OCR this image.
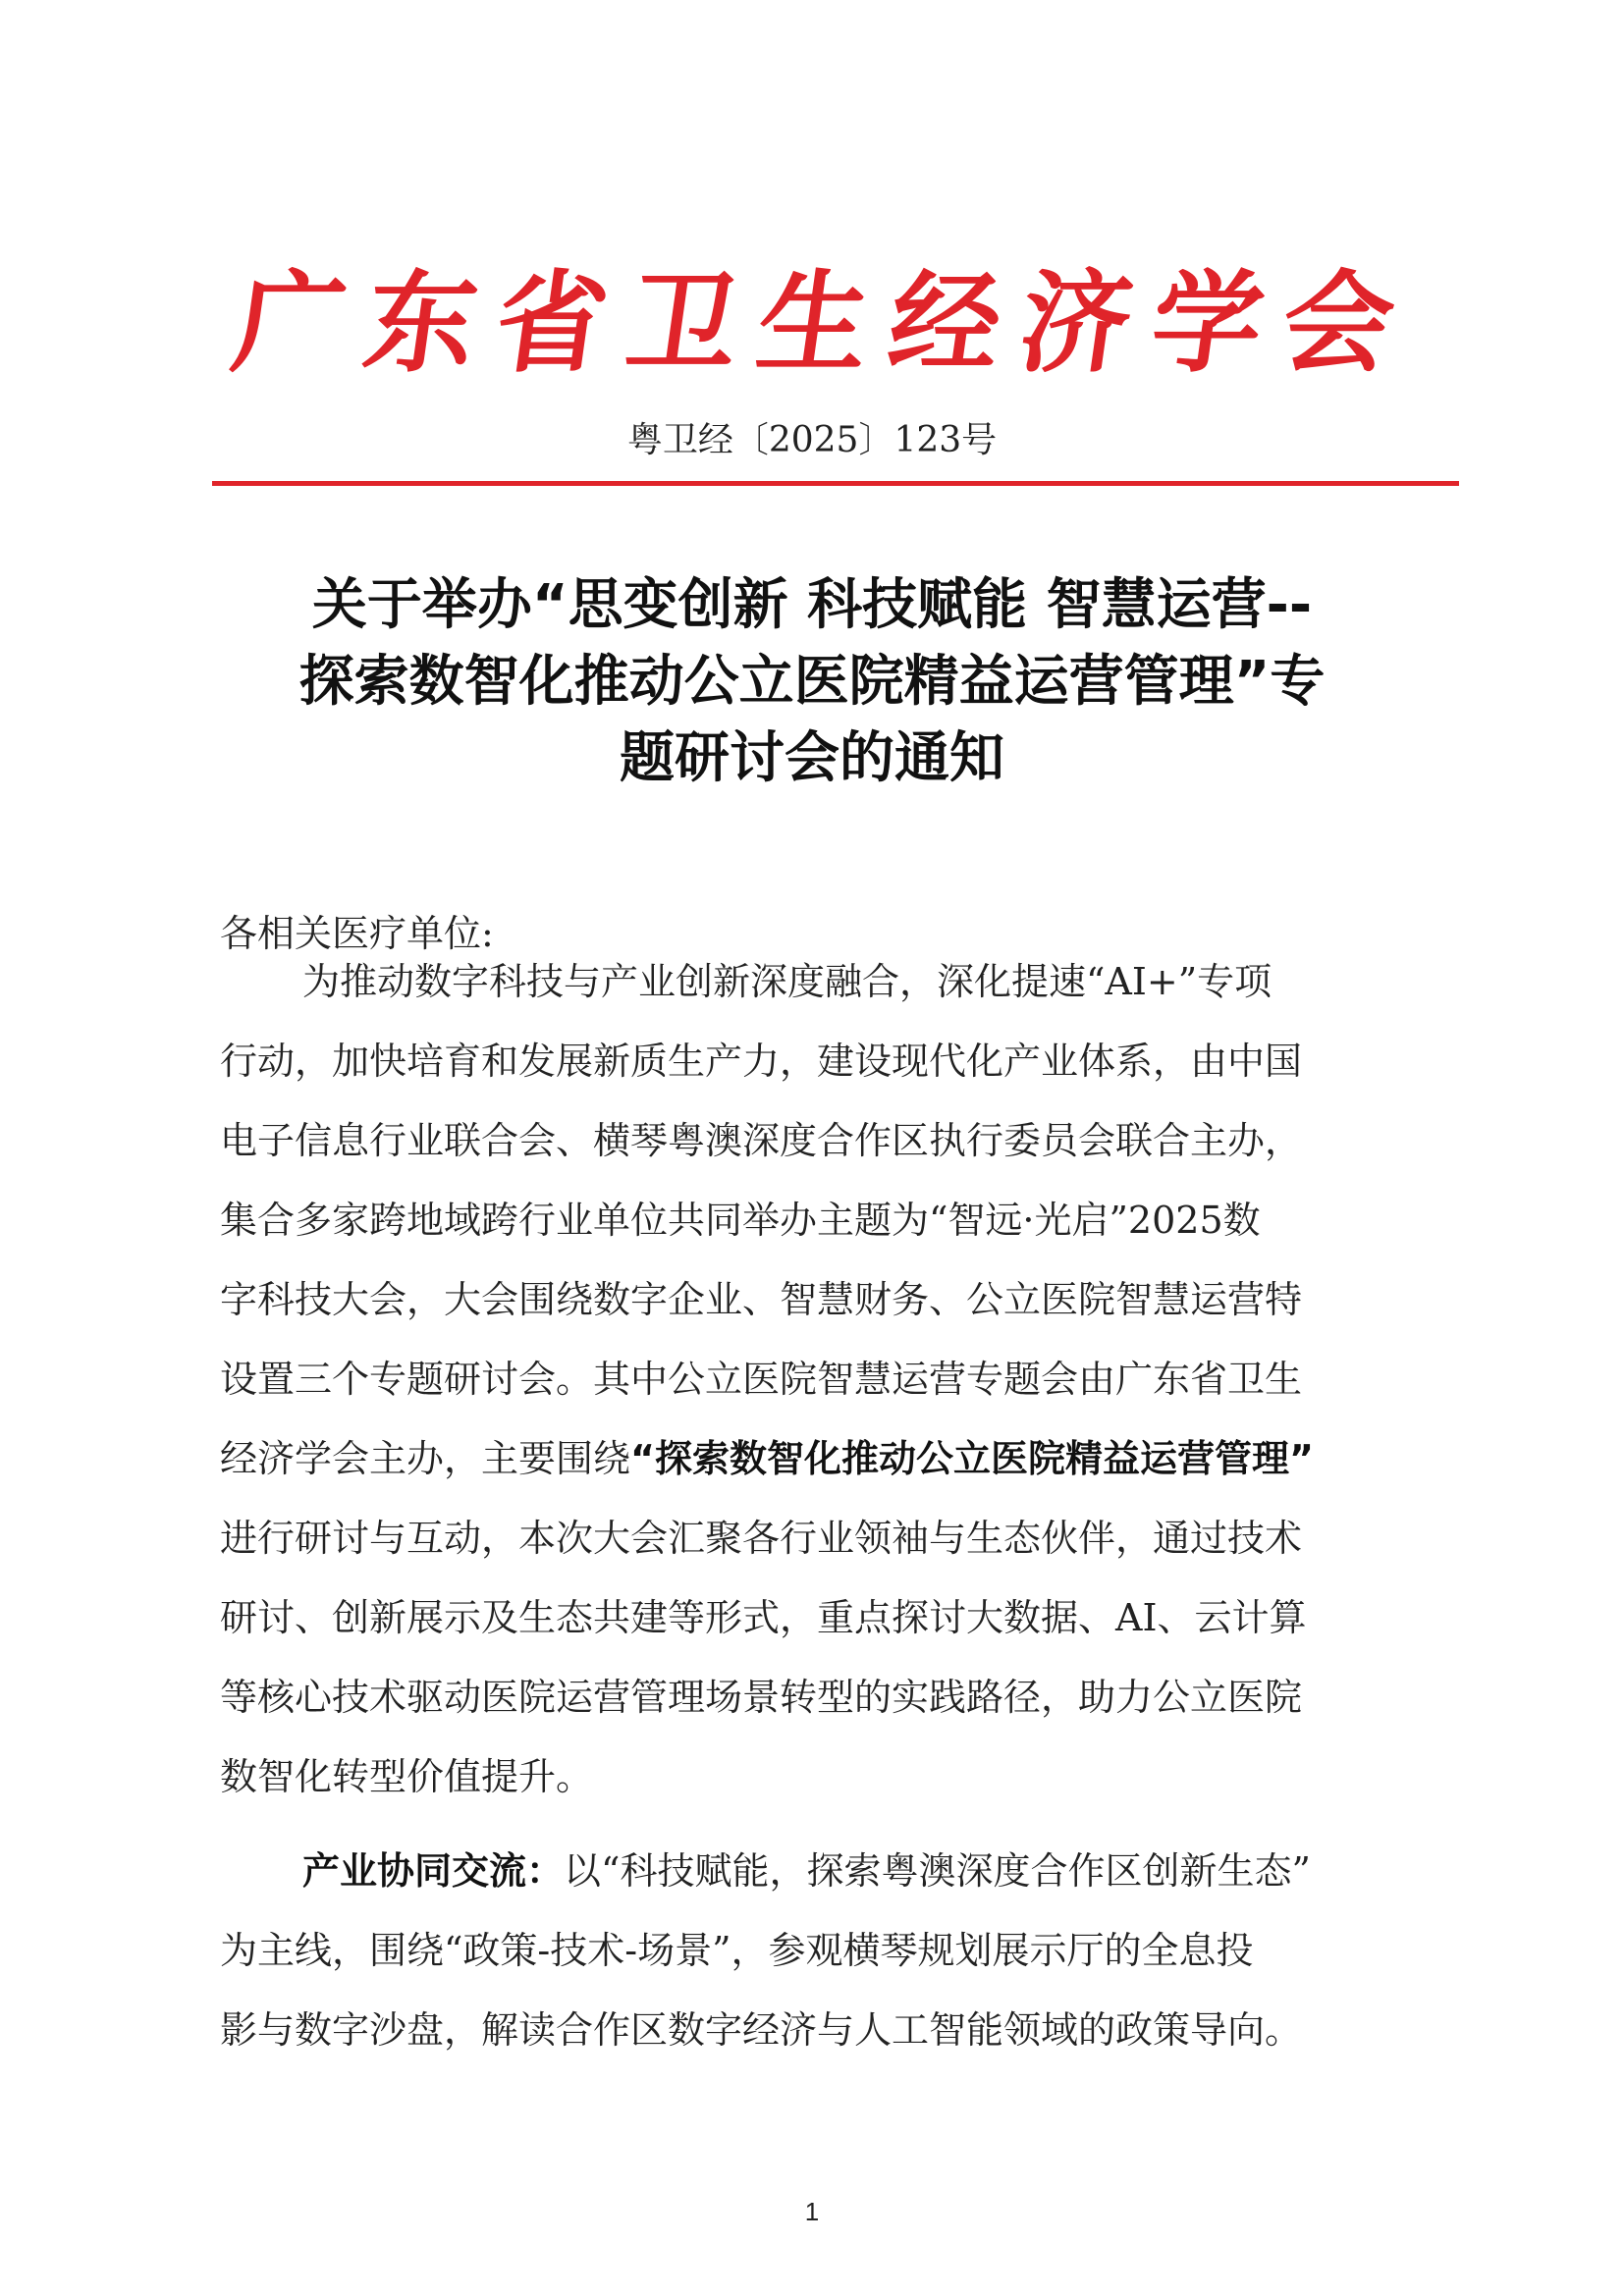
广 东 省 卫 生 经 济 学 会
粤卫经〔2025〕123号
关于举办“思变创新 科技赋能 智慧运营--
探索数智化推动公立医院精益运营管理”专
题研讨会的通知
各相关医疗单位:
为推动数字科技与产业创新深度融合，深化提速“AI+”专项
行动，加快培育和发展新质生产力，建设现代化产业体系，由中国
电子信息行业联合会、横琴粤澳深度合作区执行委员会联合主办，
集合多家跨地域跨行业单位共同举办主题为“智远·光启”2025数
字科技大会，大会围绕数字企业、智慧财务、公立医院智慧运营特
设置三个专题研讨会。其中公立医院智慧运营专题会由广东省卫生
经济学会主办，主要围绕“探索数智化推动公立医院精益运营管理”
进行研讨与互动，本次大会汇聚各行业领袖与生态伙伴，通过技术
研讨、创新展示及生态共建等形式，重点探讨大数据、AI、云计算
等核心技术驱动医院运营管理场景转型的实践路径，助力公立医院
数智化转型价值提升。
产业协同交流：以“科技赋能，探索粤澳深度合作区创新生态”
为主线，围绕“政策-技术-场景”，参观横琴规划展示厅的全息投
影与数字沙盘，解读合作区数字经济与人工智能领域的政策导向。
1
